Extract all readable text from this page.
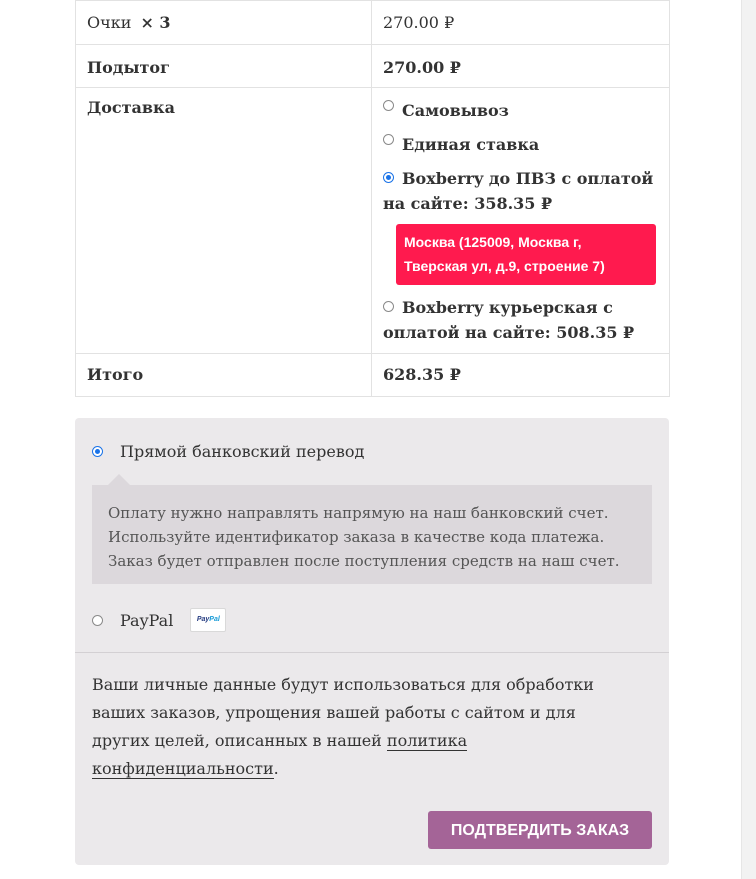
Очки × 3	270.00 ₽
Подытог	270.00 ₽
Доставка	Самовывоз
Единая ставка
Boxberry до ПВЗ с оплатой на сайте: 358.35 ₽
Москва (125009, Москва г, Тверская ул, д.9, строение 7)
Boxberry курьерская с оплатой на сайте: 508.35 ₽

Итого	628.35 ₽
Прямой банковский перевод
Оплату нужно направлять напрямую на наш банковский счет. Используйте идентификатор заказа в качестве кода платежа. Заказ будет отправлен после поступления средств на наш счет.
PayPal	PayPal
Ваши личные данные будут использоваться для обработки ваших заказов, упрощения вашей работы с сайтом и для других целей, описанных в нашей политика конфиденциальности.
ПОДТВЕРДИТЬ ЗАКАЗ
